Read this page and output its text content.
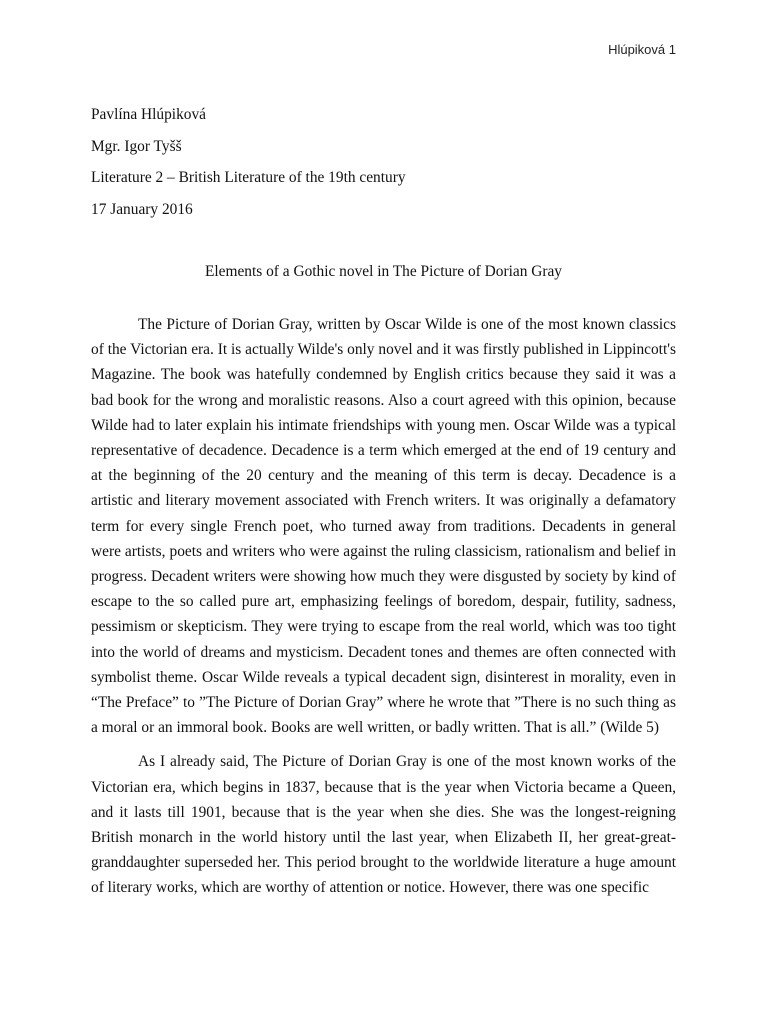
Hlúpiková 1
Pavlína Hlúpiková
Mgr. Igor Tyšš
Literature 2 – British Literature of the 19th century
17 January 2016
Elements of a Gothic novel in The Picture of Dorian Gray

The Picture of Dorian Gray, written by Oscar Wilde is one of the most known classics of the Victorian era. It is actually Wilde's only novel and it was firstly published in Lippincott's Magazine. The book was hatefully condemned by English critics because they said it was a bad book for the wrong and moralistic reasons. Also a court agreed with this opinion, because Wilde had to later explain his intimate friendships with young men. Oscar Wilde was a typical representative of decadence. Decadence is a term which emerged at the end of 19 century and at the beginning of the 20 century and the meaning of this term is decay. Decadence is a artistic and literary movement associated with French writers. It was originally a defamatory term for every single French poet, who turned away from traditions. Decadents in general were artists, poets and writers who were against the ruling classicism, rationalism and belief in progress. Decadent writers were showing how much they were disgusted by society by kind of escape to the so called pure art, emphasizing feelings of boredom, despair, futility, sadness, pessimism or skepticism. They were trying to escape from the real world, which was too tight into the world of dreams and mysticism. Decadent tones and themes are often connected with symbolist theme. Oscar Wilde reveals a typical decadent sign, disinterest in morality, even in “The Preface” to ”The Picture of Dorian Gray” where he wrote that ”There is no such thing as a moral or an immoral book. Books are well written, or badly written. That is all.” (Wilde 5)

As I already said, The Picture of Dorian Gray is one of the most known works of the Victorian era, which begins in 1837, because that is the year when Victoria became a Queen, and it lasts till 1901, because that is the year when she dies. She was the longest-reigning British monarch in the world history until the last year, when Elizabeth II, her great-great-granddaughter superseded her. This period brought to the worldwide literature a huge amount of literary works, which are worthy of attention or notice. However, there was one specific
